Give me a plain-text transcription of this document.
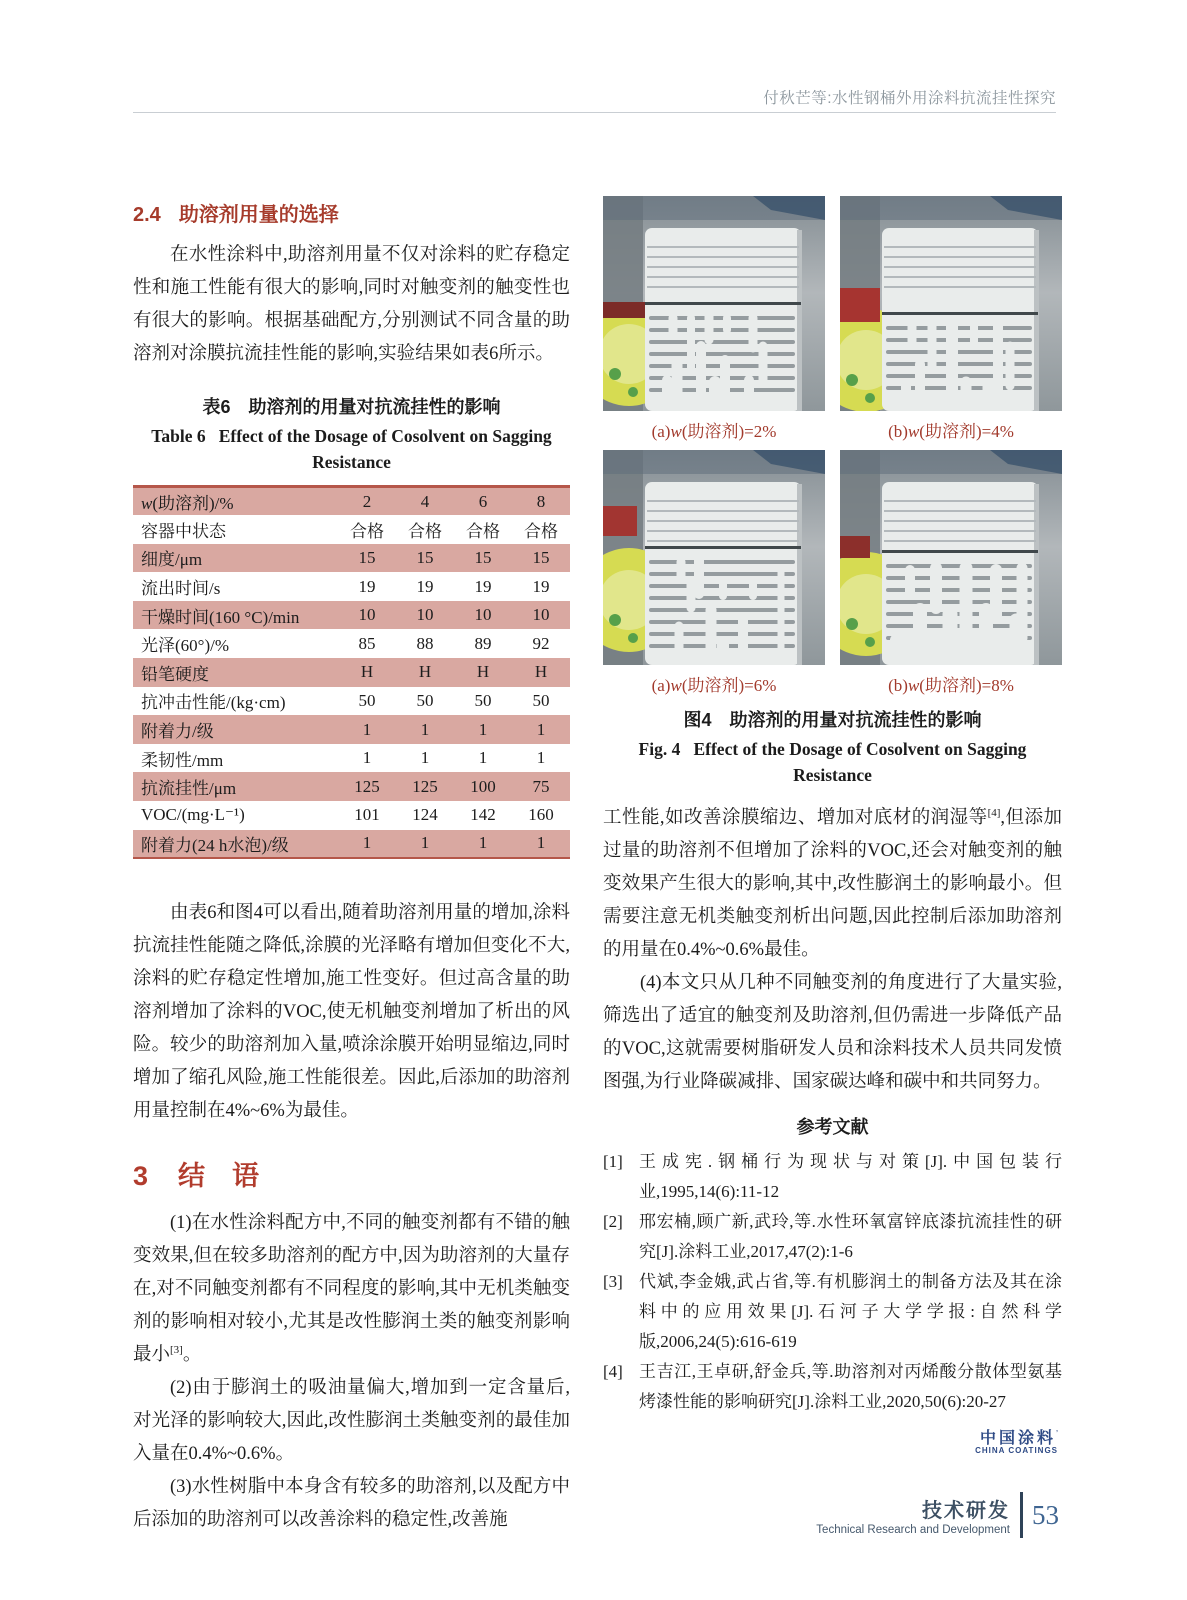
付秋芒等:水性钢桶外用涂料抗流挂性探究
2.4 助溶剂用量的选择

在水性涂料中,助溶剂用量不仅对涂料的贮存稳定性和施工性能有很大的影响,同时对触变剂的触变性也有很大的影响。根据基础配方,分别测试不同含量的助溶剂对涂膜抗流挂性能的影响,实验结果如表6所示。

表6　助溶剂的用量对抗流挂性的影响
Table 6   Effect of the Dosage of Cosolvent on Sagging
Resistance
w(助溶剂)/%	2	4	6	8
容器中状态	合格	合格	合格	合格
细度/μm	15	15	15	15
流出时间/s	19	19	19	19
干燥时间(160 °C)/min	10	10	10	10
光泽(60°)/%	85	88	89	92
铅笔硬度	H	H	H	H
抗冲击性能/(kg·cm)	50	50	50	50
附着力/级	1	1	1	1
柔韧性/mm	1	1	1	1
抗流挂性/μm	125	125	100	75
VOC/(mg·L⁻¹)	101	124	142	160
附着力(24 h水泡)/级	1	1	1	1

由表6和图4可以看出,随着助溶剂用量的增加,涂料抗流挂性能随之降低,涂膜的光泽略有增加但变化不大,涂料的贮存稳定性增加,施工性变好。但过高含量的助溶剂增加了涂料的VOC,使无机触变剂增加了析出的风险。较少的助溶剂加入量,喷涂涂膜开始明显缩边,同时增加了缩孔风险,施工性能很差。因此,后添加的助溶剂用量控制在4%~6%为最佳。

3 结　语

(1)在水性涂料配方中,不同的触变剂都有不错的触变效果,但在较多助溶剂的配方中,因为助溶剂的大量存在,对不同触变剂都有不同程度的影响,其中无机类触变剂的影响相对较小,尤其是改性膨润土类的触变剂影响最小[3]。

(2)由于膨润土的吸油量偏大,增加到一定含量后,对光泽的影响较大,因此,改性膨润土类触变剂的最佳加入量在0.4%~0.6%。

(3)水性树脂中本身含有较多的助溶剂,以及配方中后添加的助溶剂可以改善涂料的稳定性,改善施

(a)w(助溶剂)=2%	(b)w(助溶剂)=4%
(a)w(助溶剂)=6%	(b)w(助溶剂)=8%
图4　助溶剂的用量对抗流挂性的影响
Fig. 4   Effect of the Dosage of Cosolvent on Sagging
Resistance

工性能,如改善涂膜缩边、增加对底材的润湿等[4],但添加过量的助溶剂不但增加了涂料的VOC,还会对触变剂的触变效果产生很大的影响,其中,改性膨润土的影响最小。但需要注意无机类触变剂析出问题,因此控制后添加助溶剂的用量在0.4%~0.6%最佳。

(4)本文只从几种不同触变剂的角度进行了大量实验,筛选出了适宜的触变剂及助溶剂,但仍需进一步降低产品的VOC,这就需要树脂研发人员和涂料技术人员共同发愤图强,为行业降碳减排、国家碳达峰和碳中和共同努力。

参考文献
[1] 王成宪.钢桶行为现状与对策[J].中国包装行业,1995,14(6):11-12
[2] 邢宏楠,顾广新,武玲,等.水性环氧富锌底漆抗流挂性的研究[J].涂料工业,2017,47(2):1-6
[3] 代斌,李金娥,武占省,等.有机膨润土的制备方法及其在涂料中的应用效果[J].石河子大学学报:自然科学版,2006,24(5):616-619
[4] 王吉江,王卓研,舒金兵,等.助溶剂对丙烯酸分散体型氨基烤漆性能的影响研究[J].涂料工业,2020,50(6):20-27
中国涂料’
CHINA COATINGS
技术研发
Technical Research and Development
53
